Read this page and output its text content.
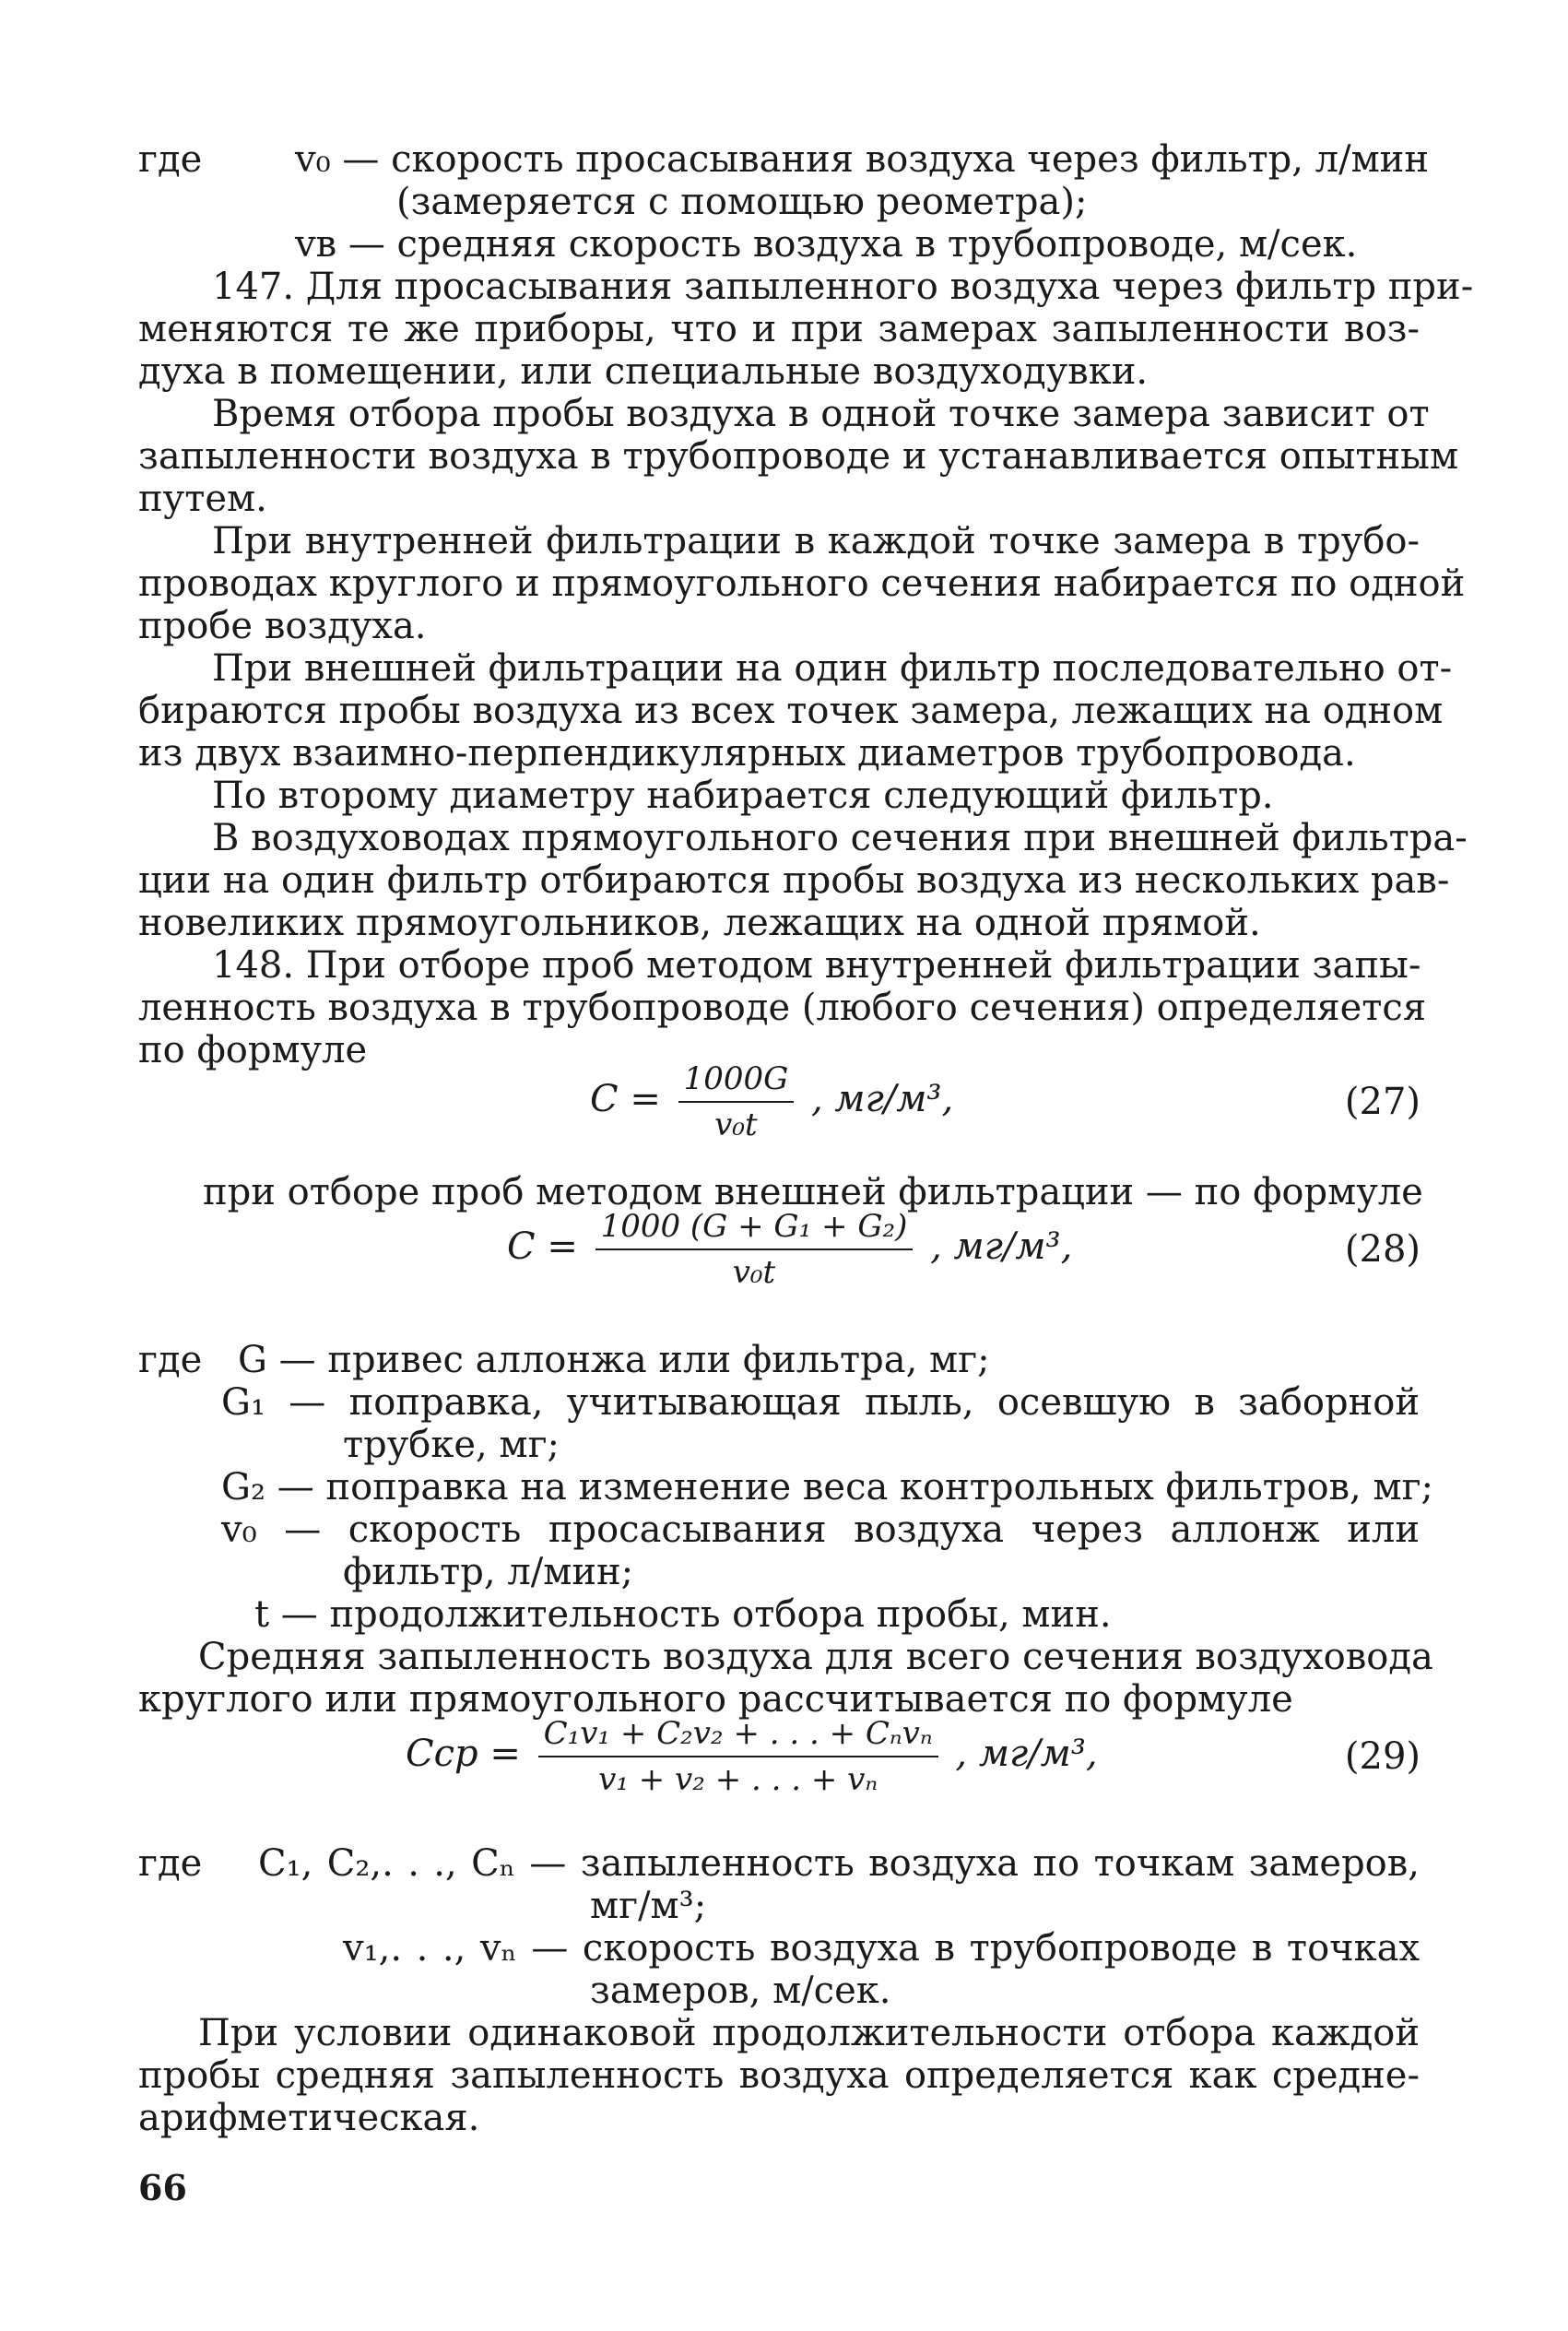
где	v₀ — скорость просасывания воздуха через фильтр, л/мин
(замеряется с помощью реометра);
vв — средняя скорость воздуха в трубопроводе, м/сек.
147. Для просасывания запыленного воздуха через фильтр при-
меняются те же приборы, что и при замерах запыленности воз-
духа в помещении, или специальные воздуходувки.
Время отбора пробы воздуха в одной точке замера зависит от
запыленности воздуха в трубопроводе и устанавливается опытным
путем.
При внутренней фильтрации в каждой точке замера в трубо-
проводах круглого и прямоугольного сечения набирается по одной
пробе воздуха.
При внешней фильтрации на один фильтр последовательно от-
бираются пробы воздуха из всех точек замера, лежащих на одном
из двух взаимно-перпендикулярных диаметров трубопровода.
По второму диаметру набирается следующий фильтр.
В воздуховодах прямоугольного сечения при внешней фильтра-
ции на один фильтр отбираются пробы воздуха из нескольких рав-
новеликих прямоугольников, лежащих на одной прямой.
148. При отборе проб методом внутренней фильтрации запы-
ленность воздуха в трубопроводе (любого сечения) определяется
по формуле
$C = \frac{1000G}{\text{v₀t}}$ , мг/м³,	(27)
при отборе проб методом внешней фильтрации — по формуле
$C = \frac{\text{1000 (G + G₁ + G₂)}}{\text{v₀t}}$ , мг/м³,	(28)
где G — привес аллонжа или фильтра, мг;
G₁ — поправка, учитывающая пыль, осевшую в заборной
трубке, мг;
G₂ — поправка на изменение веса контрольных фильтров, мг;
v₀ — скорость просасывания воздуха через аллонж или
фильтр, л/мин;
t — продолжительность отбора пробы, мин.
Средняя запыленность воздуха для всего сечения воздуховода
круглого или прямоугольного рассчитывается по формуле
Cср = $\frac{\text{C₁v₁ + C₂v₂ + . . . + Cₙvₙ}}{\text{v₁ + v₂ + . . . + vₙ}}$ , мг/м³,	(29)
где	C₁, C₂,. . ., Cₙ — запыленность воздуха по точкам замеров,
мг/м³;
v₁,. . ., vₙ — скорость воздуха в трубопроводе в точках
замеров, м/сек.
При условии одинаковой продолжительности отбора каждой
пробы средняя запыленность воздуха определяется как средне-
арифметическая.
66
